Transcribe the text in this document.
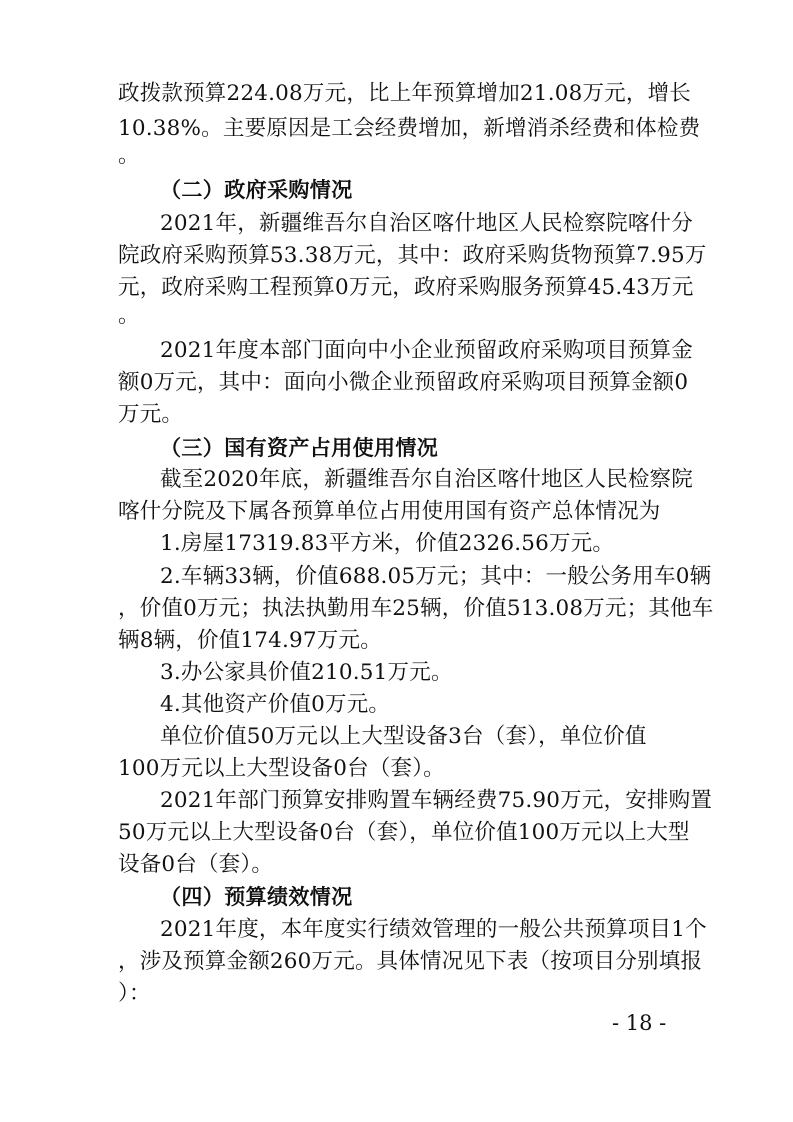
政拨款预算224.08万元，比上年预算增加21.08万元，增长
10.38%。主要原因是工会经费增加，新增消杀经费和体检费
。
（二）政府采购情况
2021年，新疆维吾尔自治区喀什地区人民检察院喀什分
院政府采购预算53.38万元，其中：政府采购货物预算7.95万
元，政府采购工程预算0万元，政府采购服务预算45.43万元
。
2021年度本部门面向中小企业预留政府采购项目预算金
额0万元，其中：面向小微企业预留政府采购项目预算金额0
万元。
（三）国有资产占用使用情况
截至2020年底，新疆维吾尔自治区喀什地区人民检察院
喀什分院及下属各预算单位占用使用国有资产总体情况为
1.房屋17319.83平方米，价值2326.56万元。
2.车辆33辆，价值688.05万元；其中：一般公务用车0辆
，价值0万元；执法执勤用车25辆，价值513.08万元；其他车
辆8辆，价值174.97万元。
3.办公家具价值210.51万元。
4.其他资产价值0万元。
单位价值50万元以上大型设备3台（套），单位价值
100万元以上大型设备0台（套）。
2021年部门预算安排购置车辆经费75.90万元，安排购置
50万元以上大型设备0台（套），单位价值100万元以上大型
设备0台（套）。
（四）预算绩效情况
2021年度，本年度实行绩效管理的一般公共预算项目1个
，涉及预算金额260万元。具体情况见下表（按项目分别填报
）：
- 18 -
